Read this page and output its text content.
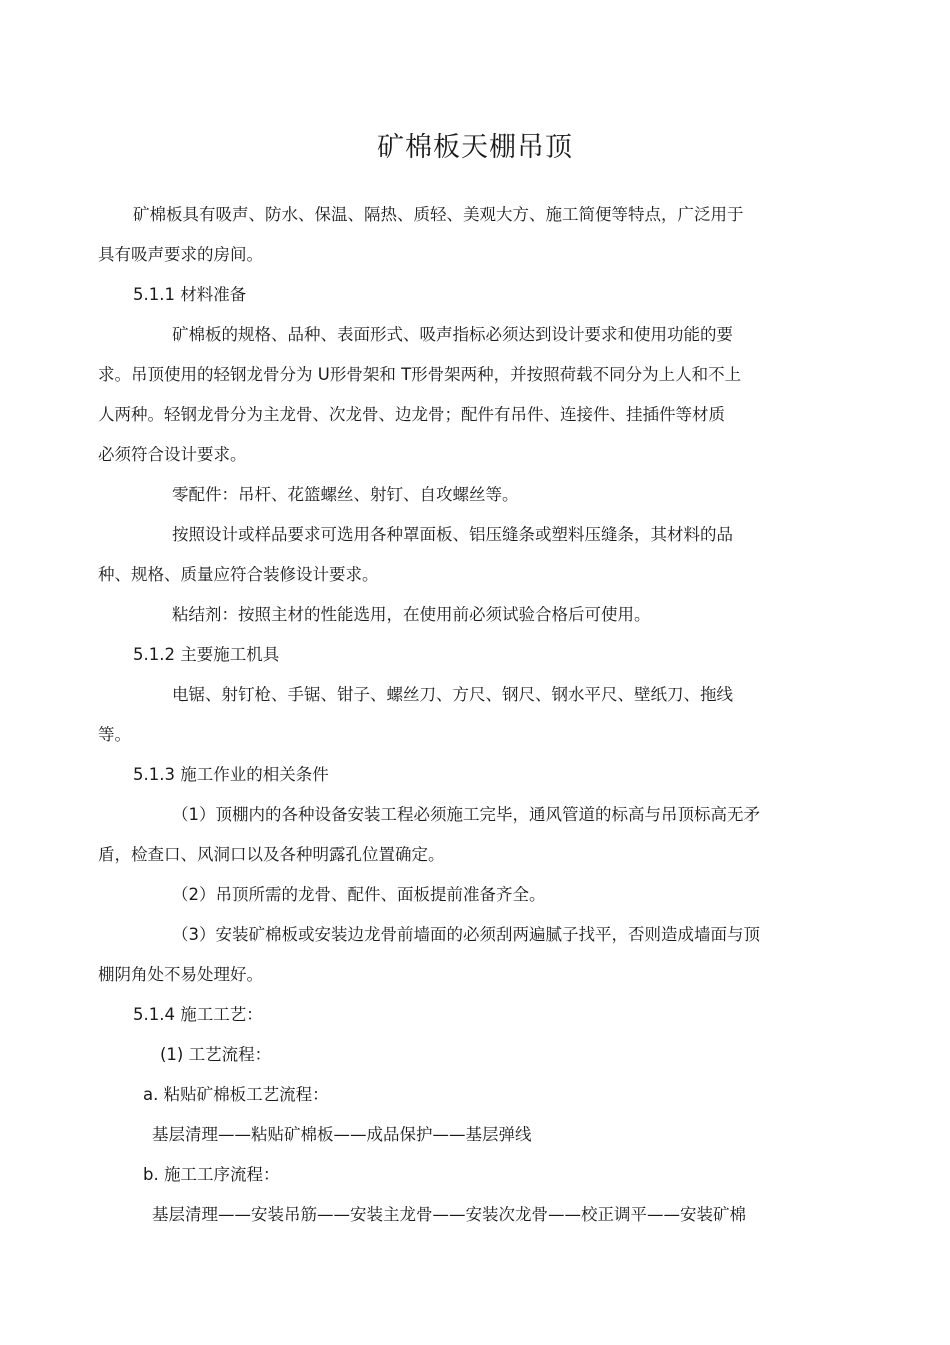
矿棉板天棚吊顶
矿棉板具有吸声、防水、保温、隔热、质轻、美观大方、施工简便等特点，广泛用于
具有吸声要求的房间。
5.1.1 材料准备
矿棉板的规格、品种、表面形式、吸声指标必须达到设计要求和使用功能的要
求。吊顶使用的轻钢龙骨分为 U形骨架和 T形骨架两种，并按照荷载不同分为上人和不上
人两种。轻钢龙骨分为主龙骨、次龙骨、边龙骨；配件有吊件、连接件、挂插件等材质
必须符合设计要求。
零配件：吊杆、花篮螺丝、射钉、自攻螺丝等。
按照设计或样品要求可选用各种罩面板、铝压缝条或塑料压缝条，其材料的品
种、规格、质量应符合装修设计要求。
粘结剂：按照主材的性能选用，在使用前必须试验合格后可使用。
5.1.2 主要施工机具
电锯、射钉枪、手锯、钳子、螺丝刀、方尺、钢尺、钢水平尺、壁纸刀、拖线
等。
5.1.3 施工作业的相关条件
（1）顶棚内的各种设备安装工程必须施工完毕，通风管道的标高与吊顶标高无矛
盾，检查口、风洞口以及各种明露孔位置确定。
（2）吊顶所需的龙骨、配件、面板提前准备齐全。
（3）安装矿棉板或安装边龙骨前墙面的必须刮两遍腻子找平，否则造成墙面与顶
棚阴角处不易处理好。
5.1.4 施工工艺：
(1) 工艺流程：
a. 粘贴矿棉板工艺流程：
基层清理——粘贴矿棉板——成品保护——基层弹线
b. 施工工序流程：
基层清理——安装吊筋——安装主龙骨——安装次龙骨——校正调平——安装矿棉
